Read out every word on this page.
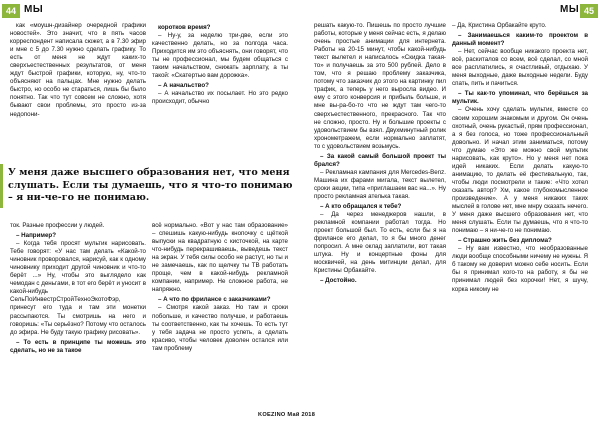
44 МЫ	МЫ 45

как «моушн-дизайнер очередной графики новостей». Это значит, что в пять часов корреспондент написала сюжет, а в 7.30 эфир и мне с 5 до 7.30 нужно сделать графику. То есть от меня не ждут каких-то сверхъестественных результатов, от меня ждут быстрой графики, которую, ну, что-то объясняют на пальцах. Мне нужно делать быстро, но особо не стараться, лишь бы было понятно. Так что тут совсем не сложно, хотя бывают свои проблемы, это просто из-за недопони-

коротков время?

– Ну-у, за неделю три-две, если это качественно делать, но за полгода часа. Приходится им это объяснять, они говорят, что ты не профессионал, мы будем общаться с таким начальством, снижать зарплату, а ты такой: «Скатертью вам дорожка».

– А начальство?

– А начальство их посылает. Но это редко происходит, обычно

У меня даже высшего образования нет, что меня слушать. Если ты думаешь, что я что-то понимаю – я ни-че-го не понимаю.

ток. Разные профессии у людей.

– Например?

– Когда тебя просят мультик нарисовать. Тебе говорят: «У нас там делать «Какой-то чиновник проворовался, нарисуй, как к одному чиновнику приходит другой чиновник и что-то берёт ...» Ну, чтобы это выглядело как чемодан с деньгами, в тот его берёт и уносит в какой-нибудь СельПоИнвестрСтройТехноЭкотоФэр, принесут его туда и там эти монетки рассыпаются. Ты смотришь на него и говоришь: «Ты серьёзно? Потому что осталось до эфира. Не буду такую графику рисовать».

– То есть в принципе ты можешь это сделать, но не за такое

всё нормально. «Вот у нас там образование» – спешишь какую-нибудь кнопочку с щёткой выпуски на квадратную с кисточкой, на карте что-нибудь перекрашиваешь, выведешь текст на экран. У тебя силы особо не растут, но ты и не замечаешь, как по щелчку ты ТВ работать проще, чем в какой-нибудь рекламной компании, например. Не сложное работа, не напряжно.

– А что по фрилансе с заказчиками?

– Смотря какой заказ. Но там и сроки побольше, и качество получше, и работаешь ты соответственно, как ты хочешь. То есть тут у тебя задача не просто успеть, а сделать красиво, чтобы человек доволен остался или там проблему

решать какую-то. Пишешь по просто лучшие работы, которые у меня сейчас есть, я делаю очень простые анимации для интернета. Работы на 20-15 минут, чтобы какой-нибудь текст вылетел и написалось «Скидка такая-то» и получаешь за это 500 рублей. Дело в том, что я решаю проблему заказчика, потому что заказчик до этого на картинку пил трафик, а теперь у него выросла видео. И ему с этого конверсия и прибыль больше, и мне вы-ра-бо-то что не ждут там чего-то сверхъестественного, прекрасного. Так что не сложно, просто. Ну и большие проекты с удовольствием бы взял. Двухминутный ролик хронометражем, если нормально заплатят, то с удовольствием возьмусь.

– За какой самый большой проект ты брался?

– Рекламная кампания для Mercedes-Benz. Машина их фарами мигала, текст вылетел, сроки акции, типа «приглашаем вас на...». Ну просто рекламная ателька такая.

– А кто обращался к тебе?

– Да через менеджеров нашли, в рекламной компании работал тогда. Но проект большой был. То есть, если бы я на фрилансе его делал, то я бы много денег попросил. А мне оклад заплатили, вот такая штука. Ну и концертные фоны для москвичей, на день митинции делал, для Кристины Орбакайте.

– Достойно.

– Да, Кристина Орбакайте круто.

– Занимаешься каким-то проектом в данный момент?

– Нет, сейчас вообще никакого проекта нет, всё, раскиталов со всем, всё сделал, со мной все расплатились, я счастливый, отдыхаю. У меня выходные, даже выходные недели. Буду спать, пить и пачиться.

– Ты как-то упоминал, что берёшься за мультик.

– Очень хочу сделать мультик, вместе со своим хорошим знакомым и другом. Он очень охотный, очень рукастый, прям профессионал, а я без голоса, но тоже профессиональный довольно. И начал этим заниматься, потому что думаю «Это же можно свой мультик нарисовать, как круто». Но у меня нет пока идей никаких. Если делать какую-то анимацию, то делать её фестивальную, так, чтобы люди посмотрели и такие: «Что хотел сказать автор? Хм, какое глубокомысленное произведение». А у меня никаких таких мыслей в голове нет, мне мнру сказать нечего. У меня даже высшего образования нет, что меня слушать. Если ты думаешь, что я что-то понимаю – я ни-че-го не понимаю.

– Страшно жить без диплома?

– Ну вам известно, что необразованные люди вообще способными ничему не нужны. Я б такому не доверил можно себе носить. Если бы я принимал кого-то на работу, я бы не принимал людей без корочки! Нет, я шучу, корка никому не

KOEZINO Май 2018
